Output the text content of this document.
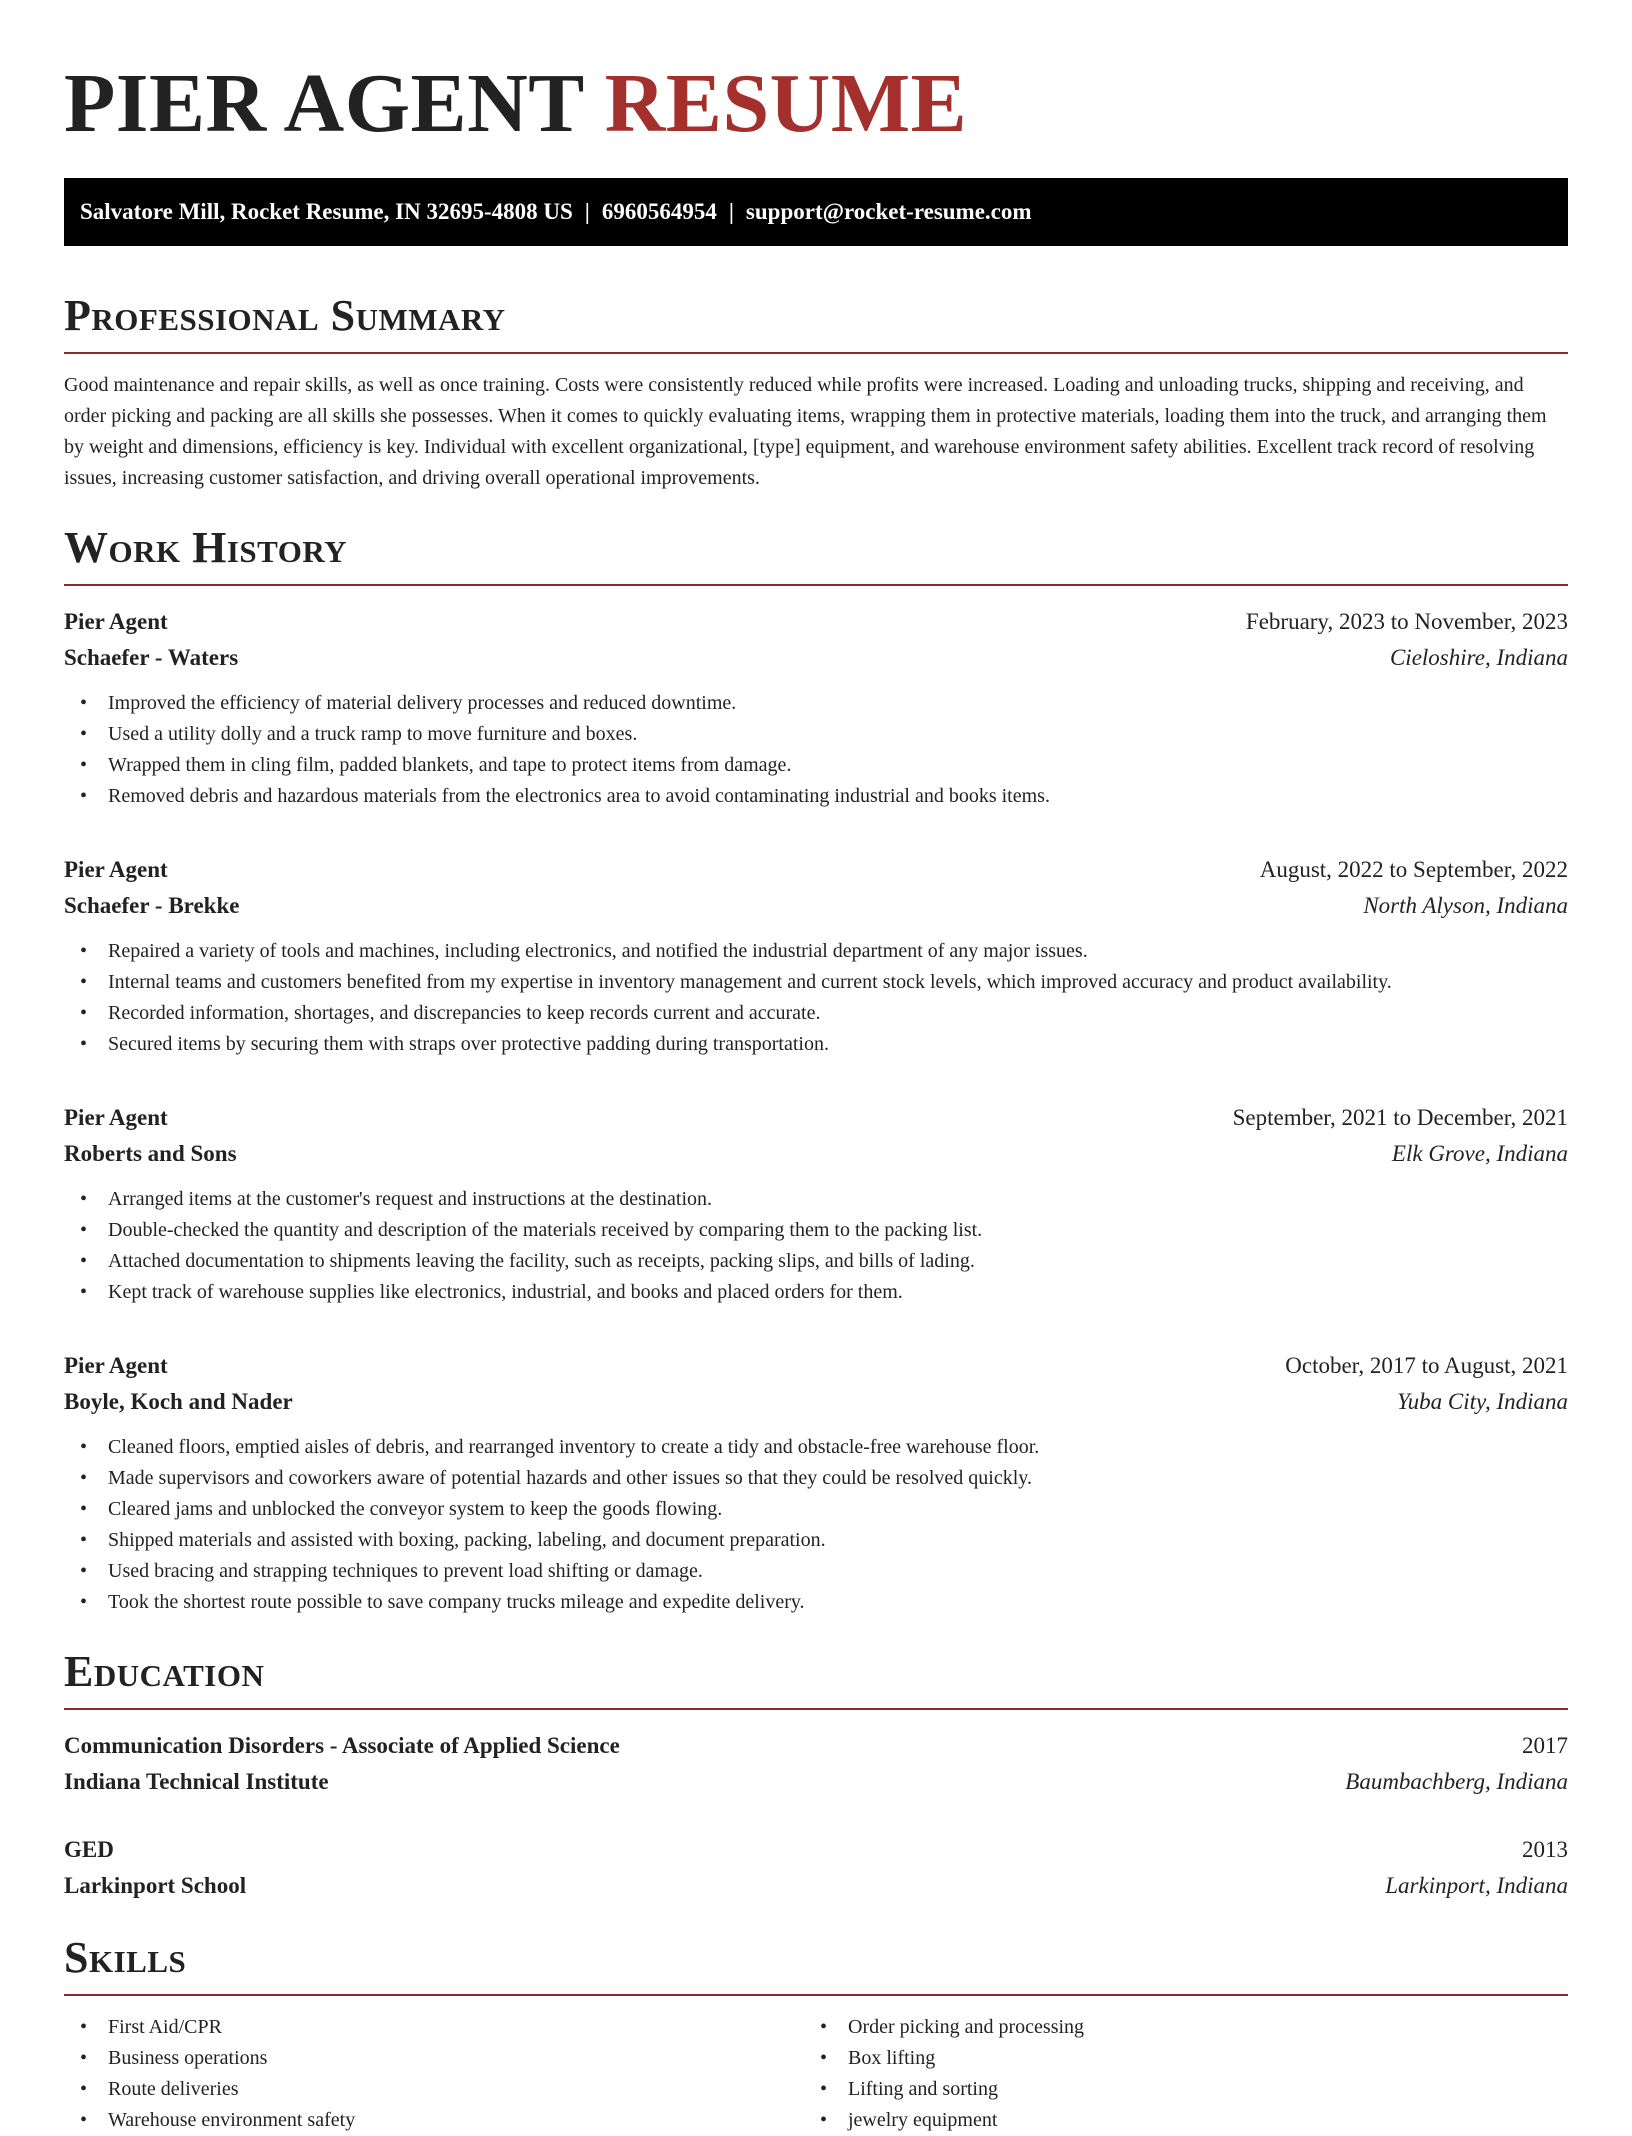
PIER AGENT RESUME
Salvatore Mill, Rocket Resume, IN 32695-4808 US | 6960564954 | support@rocket-resume.com
Professional Summary

Good maintenance and repair skills, as well as once training. Costs were consistently reduced while profits were increased. Loading and unloading trucks, shipping and receiving, and order picking and packing are all skills she possesses. When it comes to quickly evaluating items, wrapping them in protective materials, loading them into the truck, and arranging them by weight and dimensions, efficiency is key. Individual with excellent organizational, [type] equipment, and warehouse environment safety abilities. Excellent track record of resolving issues, increasing customer satisfaction, and driving overall operational improvements.

Work History
Pier Agent	February, 2023 to November, 2023
Schaefer - Waters	Cieloshire, Indiana
• Improved the efficiency of material delivery processes and reduced downtime.
• Used a utility dolly and a truck ramp to move furniture and boxes.
• Wrapped them in cling film, padded blankets, and tape to protect items from damage.
• Removed debris and hazardous materials from the electronics area to avoid contaminating industrial and books items.
Pier Agent	August, 2022 to September, 2022
Schaefer - Brekke	North Alyson, Indiana
• Repaired a variety of tools and machines, including electronics, and notified the industrial department of any major issues.
• Internal teams and customers benefited from my expertise in inventory management and current stock levels, which improved accuracy and product availability.
• Recorded information, shortages, and discrepancies to keep records current and accurate.
• Secured items by securing them with straps over protective padding during transportation.
Pier Agent	September, 2021 to December, 2021
Roberts and Sons	Elk Grove, Indiana
• Arranged items at the customer's request and instructions at the destination.
• Double-checked the quantity and description of the materials received by comparing them to the packing list.
• Attached documentation to shipments leaving the facility, such as receipts, packing slips, and bills of lading.
• Kept track of warehouse supplies like electronics, industrial, and books and placed orders for them.
Pier Agent	October, 2017 to August, 2021
Boyle, Koch and Nader	Yuba City, Indiana
• Cleaned floors, emptied aisles of debris, and rearranged inventory to create a tidy and obstacle-free warehouse floor.
• Made supervisors and coworkers aware of potential hazards and other issues so that they could be resolved quickly.
• Cleared jams and unblocked the conveyor system to keep the goods flowing.
• Shipped materials and assisted with boxing, packing, labeling, and document preparation.
• Used bracing and strapping techniques to prevent load shifting or damage.
• Took the shortest route possible to save company trucks mileage and expedite delivery.
Education
Communication Disorders - Associate of Applied Science	2017
Indiana Technical Institute	Baumbachberg, Indiana
GED	2013
Larkinport School	Larkinport, Indiana
Skills
• First Aid/CPR
• Business operations
• Route deliveries
• Warehouse environment safety
• Order picking and processing
• Box lifting
• Lifting and sorting
• jewelry equipment
